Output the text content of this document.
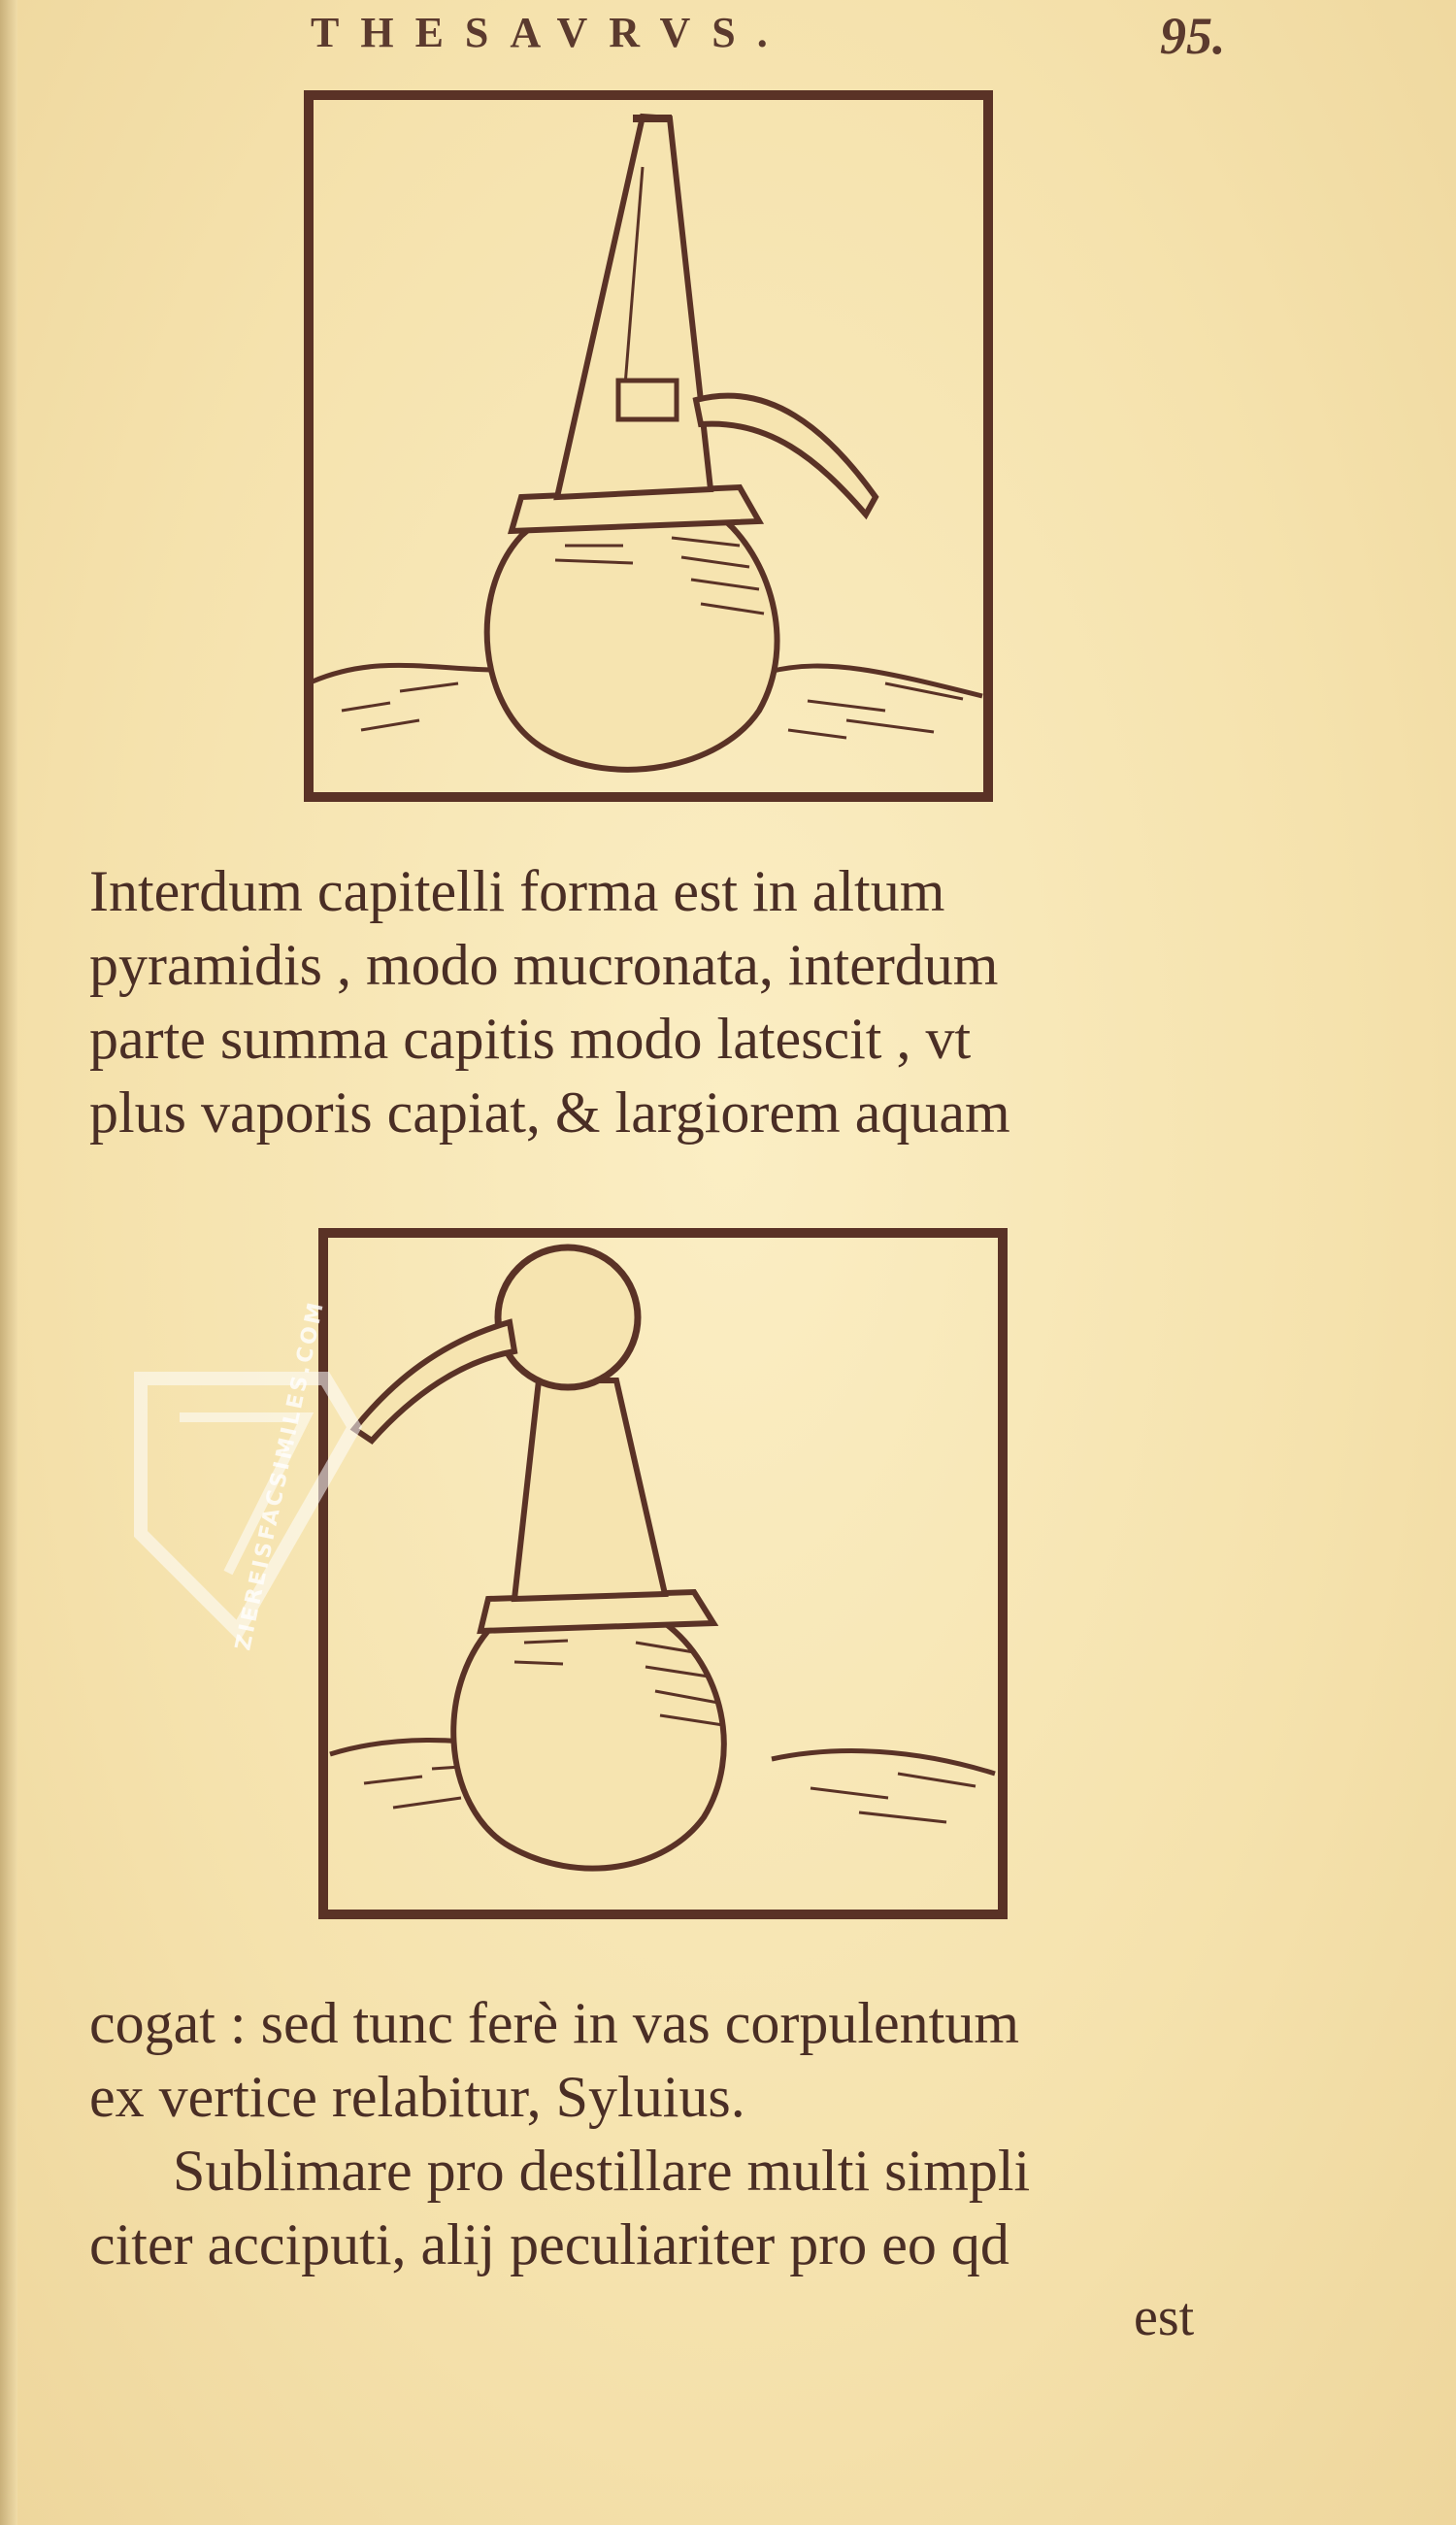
THESAVRVS.	95.
Interdum capitelli forma est in altum
pyramidis , modo mucronata, interdum
parte summa capitis modo latescit , vt
plus vaporis capiat, & largiorem aquam
ZIEREISFACSIMILES.COM
cogat : sed tunc ferè in vas corpulentum
ex vertice relabitur, Syluius.
Sublimare pro destillare multi simpli
citer acciputi, alij peculiariter pro eo qd
est
